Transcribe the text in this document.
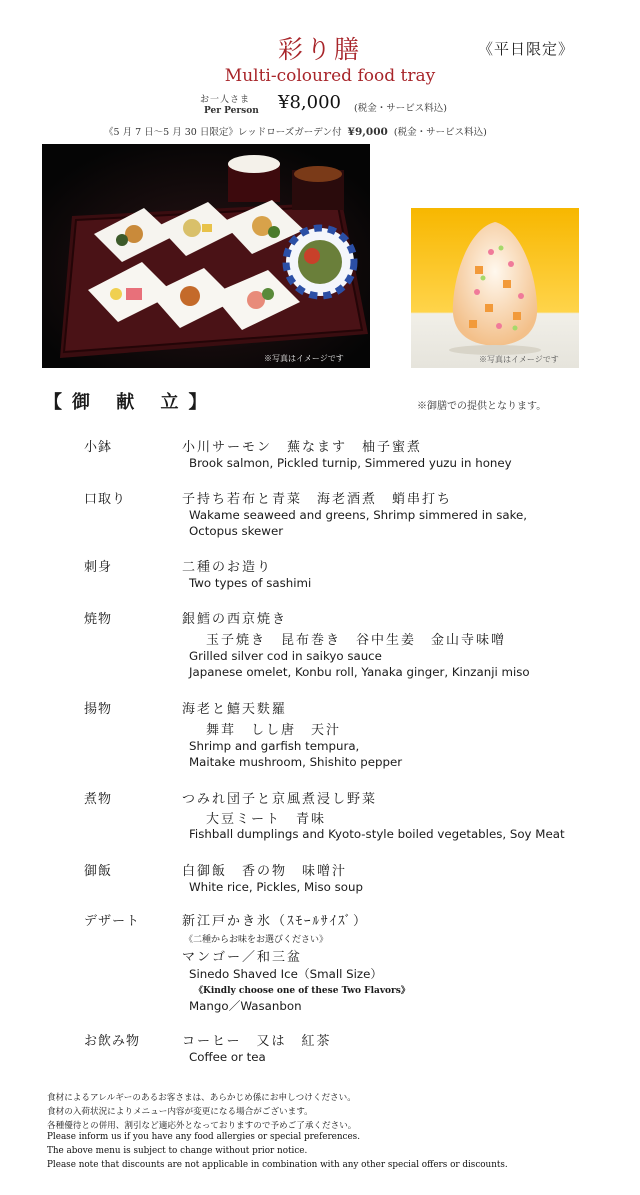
彩り膳	《平日限定》
Multi-coloured food tray
お一人さま
Per Person ¥8,000 (税金・サービス料込)
《5 月 7 日～5 月 30 日限定》レッドローズガーデン付 ¥9,000 (税金・サービス料込)
※写真はイメージです	※写真はイメージです
【御 献 立】	※御膳での提供となります。
小鉢	小川サーモン　蕪なます　柚子蜜煮
Brook salmon, Pickled turnip, Simmered yuzu in honey
口取り	子持ち若布と青菜　海老酒煮　蛸串打ち
Wakame seaweed and greens, Shrimp simmered in sake,
Octopus skewer
刺身	二種のお造り
Two types of sashimi
焼物	銀鱈の西京焼き
玉子焼き　昆布巻き　谷中生姜　金山寺味噌
Grilled silver cod in saikyo sauce
Japanese omelet, Konbu roll, Yanaka ginger, Kinzanji miso
揚物	海老と鱚天麩羅
舞茸　しし唐　天汁
Shrimp and garfish tempura,
Maitake mushroom, Shishito pepper
煮物	つみれ団子と京風煮浸し野菜
大豆ミート　青味
Fishball dumplings and Kyoto-style boiled vegetables, Soy Meat
御飯	白御飯　香の物　味噌汁
White rice, Pickles, Miso soup
デザート	新江戸かき氷（ｽﾓｰﾙｻｲｽﾞ）
《二種からお味をお選びください》
マンゴー／和三盆
Sinedo Shaved Ice（Small Size）
《Kindly choose one of these Two Flavors》
Mango／Wasanbon
お飲み物	コーヒー　又は　紅茶
Coffee or tea
食材によるアレルギーのあるお客さまは、あらかじめ係にお申しつけください。
食材の入荷状況によりメニュー内容が変更になる場合がございます。
各種優待との併用、割引など適応外となっておりますので予めご了承ください。
Please inform us if you have any food allergies or special preferences.
The above menu is subject to change without prior notice.
Please note that discounts are not applicable in combination with any other special offers or discounts.
